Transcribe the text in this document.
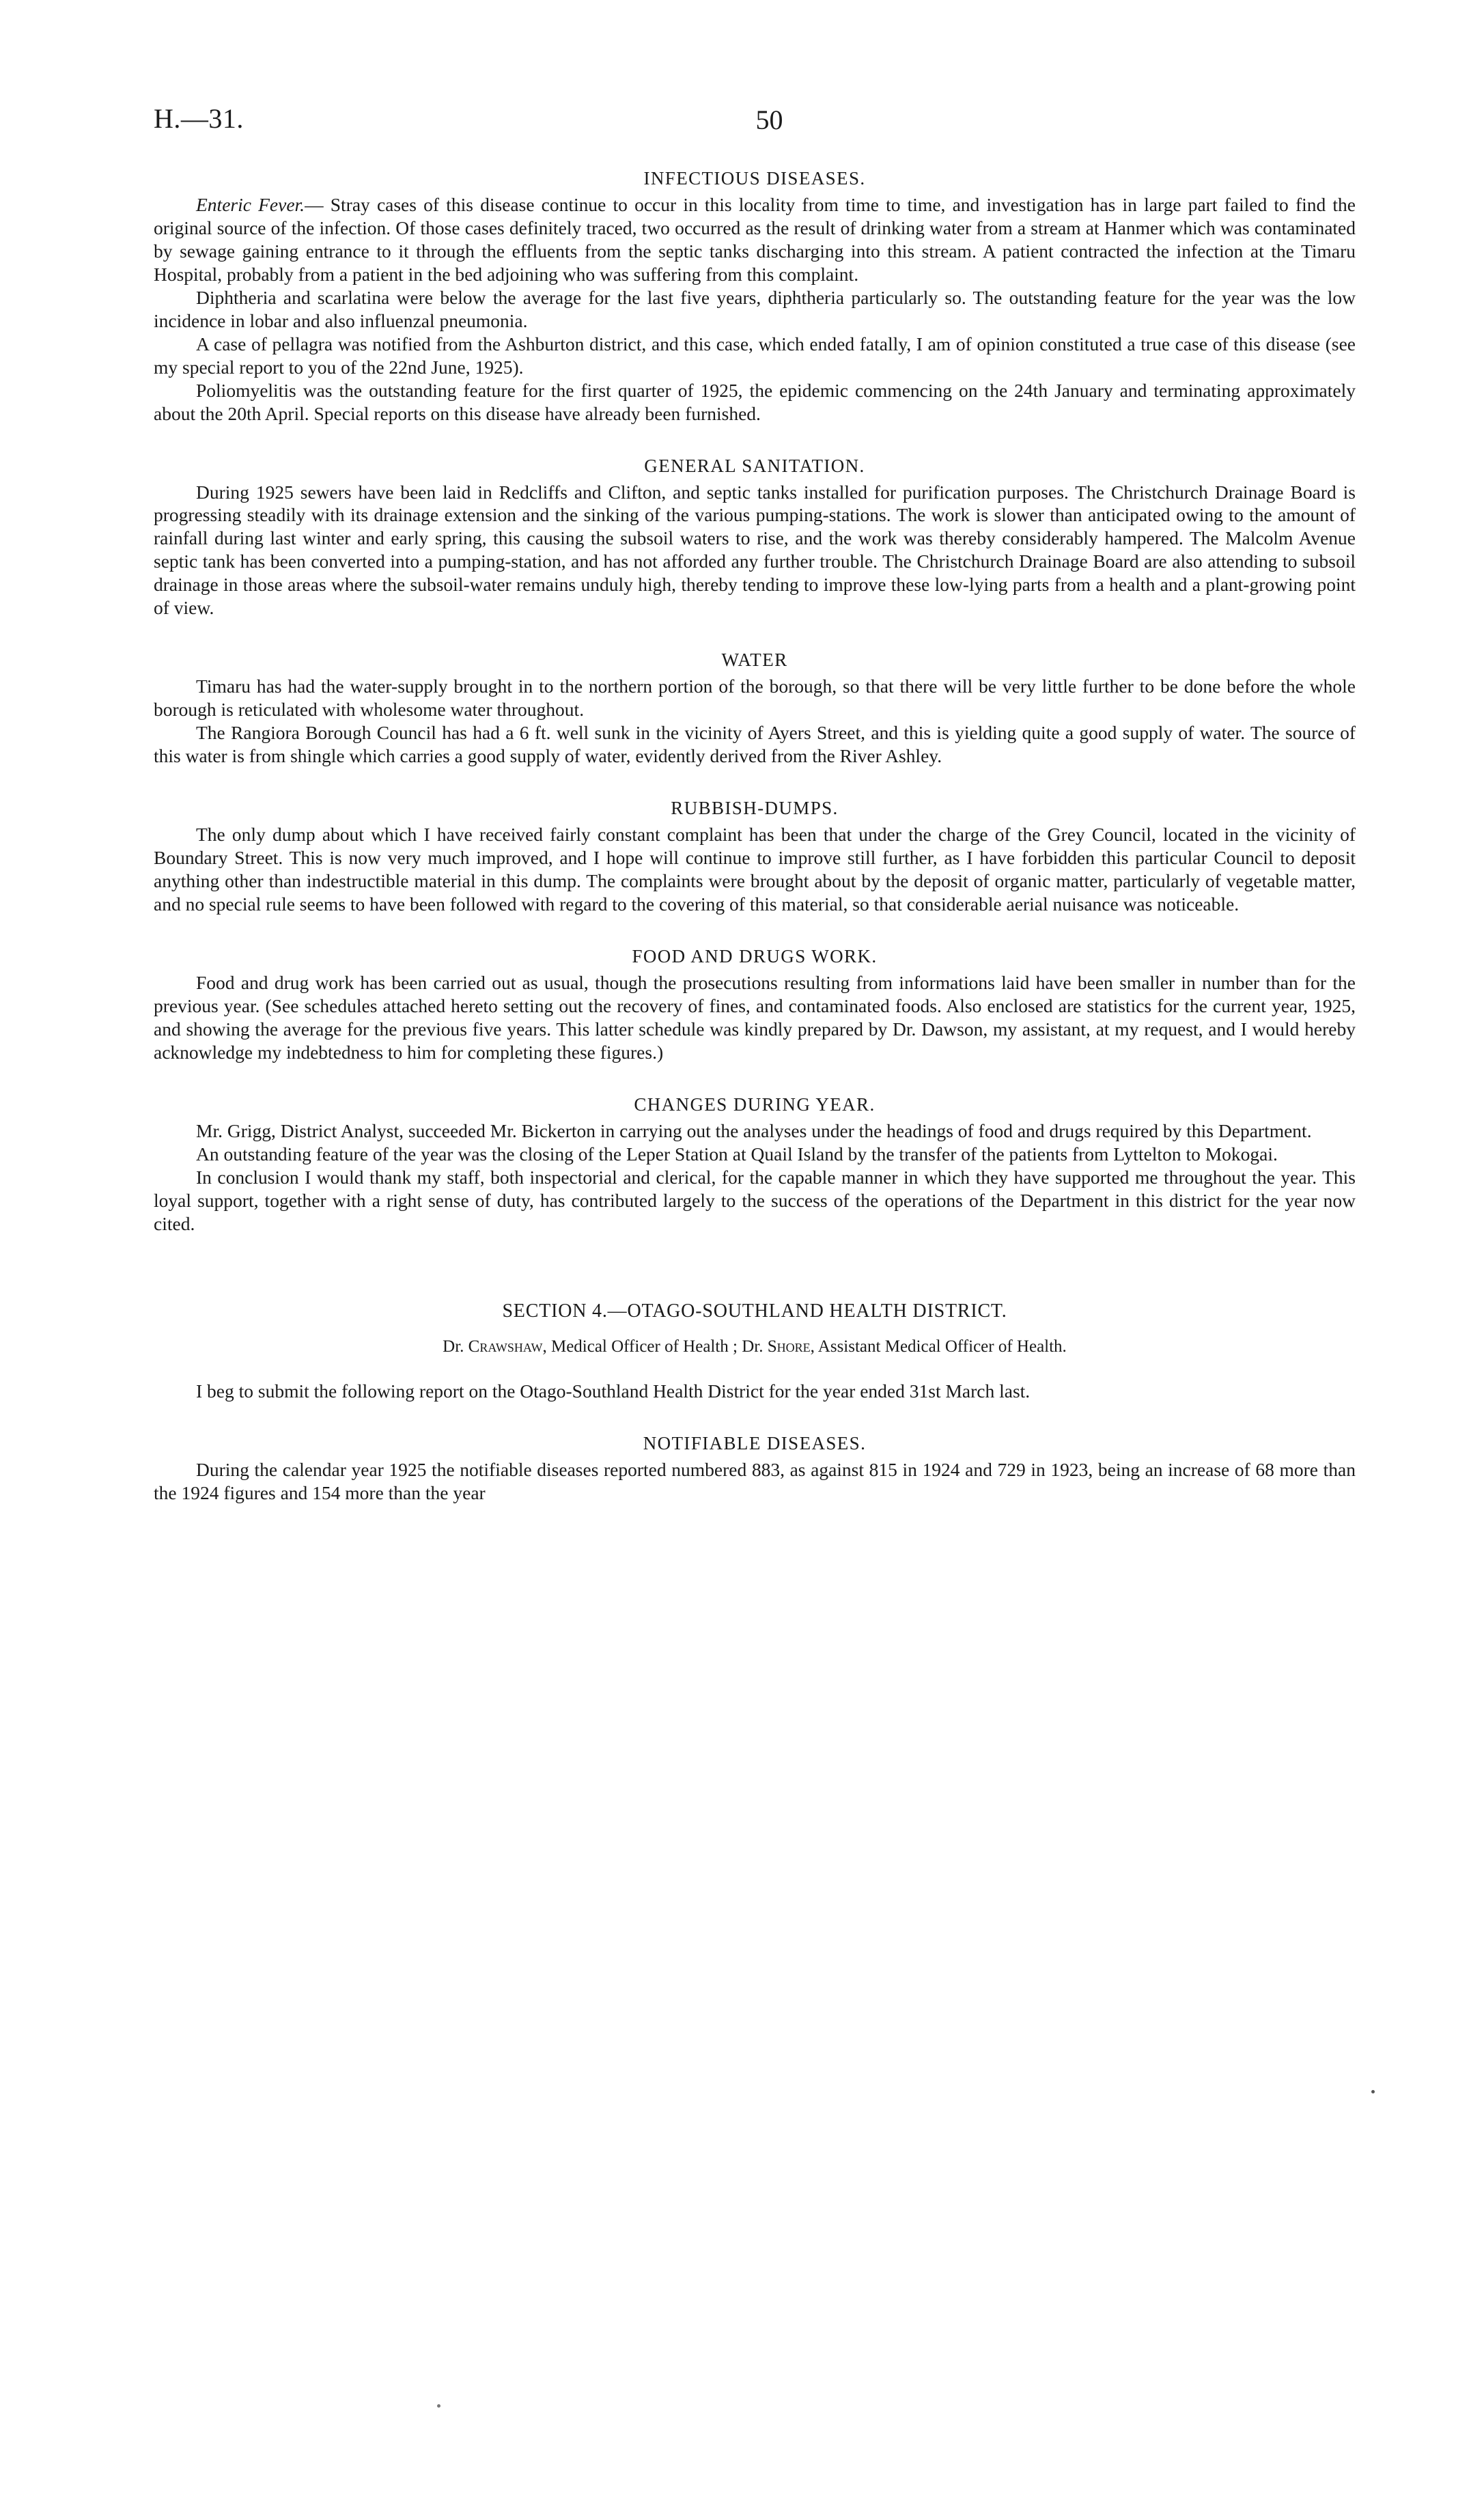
H.—31.	50
INFECTIOUS DISEASES.

Enteric Fever.— Stray cases of this disease continue to occur in this locality from time to time, and investigation has in large part failed to find the original source of the infection. Of those cases definitely traced, two occurred as the result of drinking water from a stream at Hanmer which was contaminated by sewage gaining entrance to it through the effluents from the septic tanks discharging into this stream. A patient contracted the infection at the Timaru Hospital, probably from a patient in the bed adjoining who was suffering from this complaint.

Diphtheria and scarlatina were below the average for the last five years, diphtheria particularly so. The outstanding feature for the year was the low incidence in lobar and also influenzal pneumonia.

A case of pellagra was notified from the Ashburton district, and this case, which ended fatally, I am of opinion constituted a true case of this disease (see my special report to you of the 22nd June, 1925).

Poliomyelitis was the outstanding feature for the first quarter of 1925, the epidemic commencing on the 24th January and terminating approximately about the 20th April. Special reports on this disease have already been furnished.

GENERAL SANITATION.

During 1925 sewers have been laid in Redcliffs and Clifton, and septic tanks installed for purification purposes. The Christchurch Drainage Board is progressing steadily with its drainage extension and the sinking of the various pumping-stations. The work is slower than anticipated owing to the amount of rainfall during last winter and early spring, this causing the subsoil waters to rise, and the work was thereby considerably hampered. The Malcolm Avenue septic tank has been converted into a pumping-station, and has not afforded any further trouble. The Christchurch Drainage Board are also attending to subsoil drainage in those areas where the subsoil-water remains unduly high, thereby tending to improve these low-lying parts from a health and a plant-growing point of view.

WATER

Timaru has had the water-supply brought in to the northern portion of the borough, so that there will be very little further to be done before the whole borough is reticulated with wholesome water throughout.

The Rangiora Borough Council has had a 6 ft. well sunk in the vicinity of Ayers Street, and this is yielding quite a good supply of water. The source of this water is from shingle which carries a good supply of water, evidently derived from the River Ashley.

RUBBISH-DUMPS.

The only dump about which I have received fairly constant complaint has been that under the charge of the Grey Council, located in the vicinity of Boundary Street. This is now very much improved, and I hope will continue to improve still further, as I have forbidden this particular Council to deposit anything other than indestructible material in this dump. The complaints were brought about by the deposit of organic matter, particularly of vegetable matter, and no special rule seems to have been followed with regard to the covering of this material, so that considerable aerial nuisance was noticeable.

FOOD AND DRUGS WORK.

Food and drug work has been carried out as usual, though the prosecutions resulting from informations laid have been smaller in number than for the previous year. (See schedules attached hereto setting out the recovery of fines, and contaminated foods. Also enclosed are statistics for the current year, 1925, and showing the average for the previous five years. This latter schedule was kindly prepared by Dr. Dawson, my assistant, at my request, and I would hereby acknowledge my indebtedness to him for completing these figures.)

CHANGES DURING YEAR.

Mr. Grigg, District Analyst, succeeded Mr. Bickerton in carrying out the analyses under the headings of food and drugs required by this Department.

An outstanding feature of the year was the closing of the Leper Station at Quail Island by the transfer of the patients from Lyttelton to Mokogai.

In conclusion I would thank my staff, both inspectorial and clerical, for the capable manner in which they have supported me throughout the year. This loyal support, together with a right sense of duty, has contributed largely to the success of the operations of the Department in this district for the year now cited.

SECTION 4.—OTAGO-SOUTHLAND HEALTH DISTRICT.
Dr. Crawshaw, Medical Officer of Health ; Dr. Shore, Assistant Medical Officer of Health.

I beg to submit the following report on the Otago-Southland Health District for the year ended 31st March last.

NOTIFIABLE DISEASES.

During the calendar year 1925 the notifiable diseases reported numbered 883, as against 815 in 1924 and 729 in 1923, being an increase of 68 more than the 1924 figures and 154 more than the year
